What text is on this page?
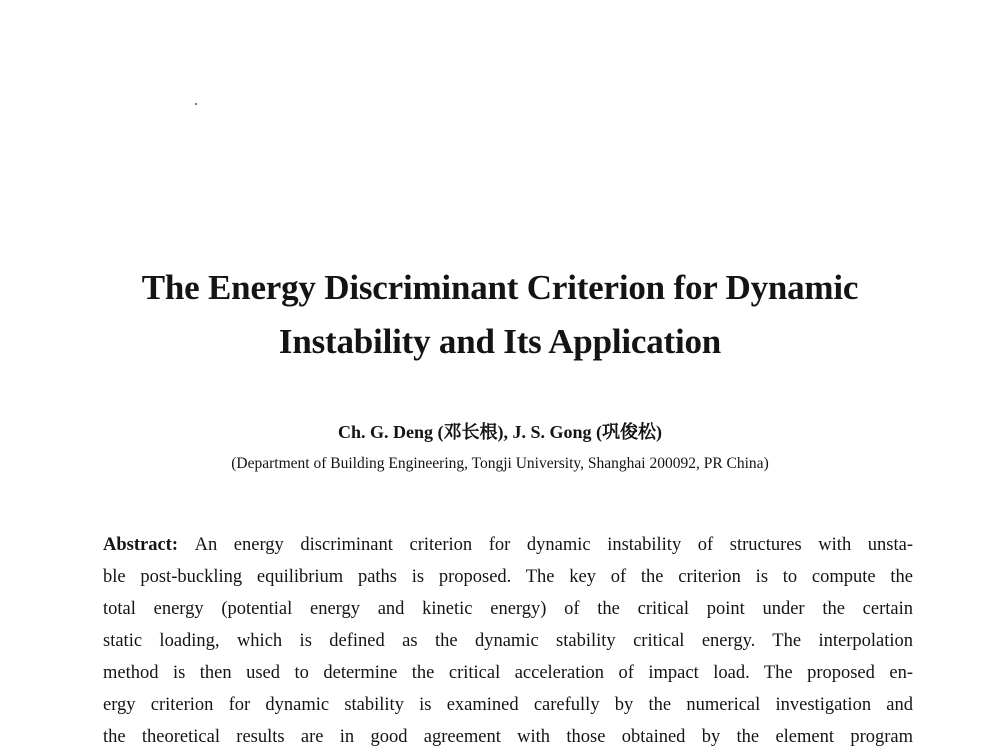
The Energy Discriminant Criterion for Dynamic
Instability and Its Application
Ch. G. Deng (邓长根), J. S. Gong (巩俊松)
(Department of Building Engineering, Tongji University, Shanghai 200092, PR China)
Abstract: An energy discriminant criterion for dynamic instability of structures with unsta-
ble post-buckling equilibrium paths is proposed. The key of the criterion is to compute the
total energy (potential energy and kinetic energy) of the critical point under the certain
static loading, which is defined as the dynamic stability critical energy. The interpolation
method is then used to determine the critical acceleration of impact load. The proposed en-
ergy criterion for dynamic stability is examined carefully by the numerical investigation and
the theoretical results are in good agreement with those obtained by the element program
